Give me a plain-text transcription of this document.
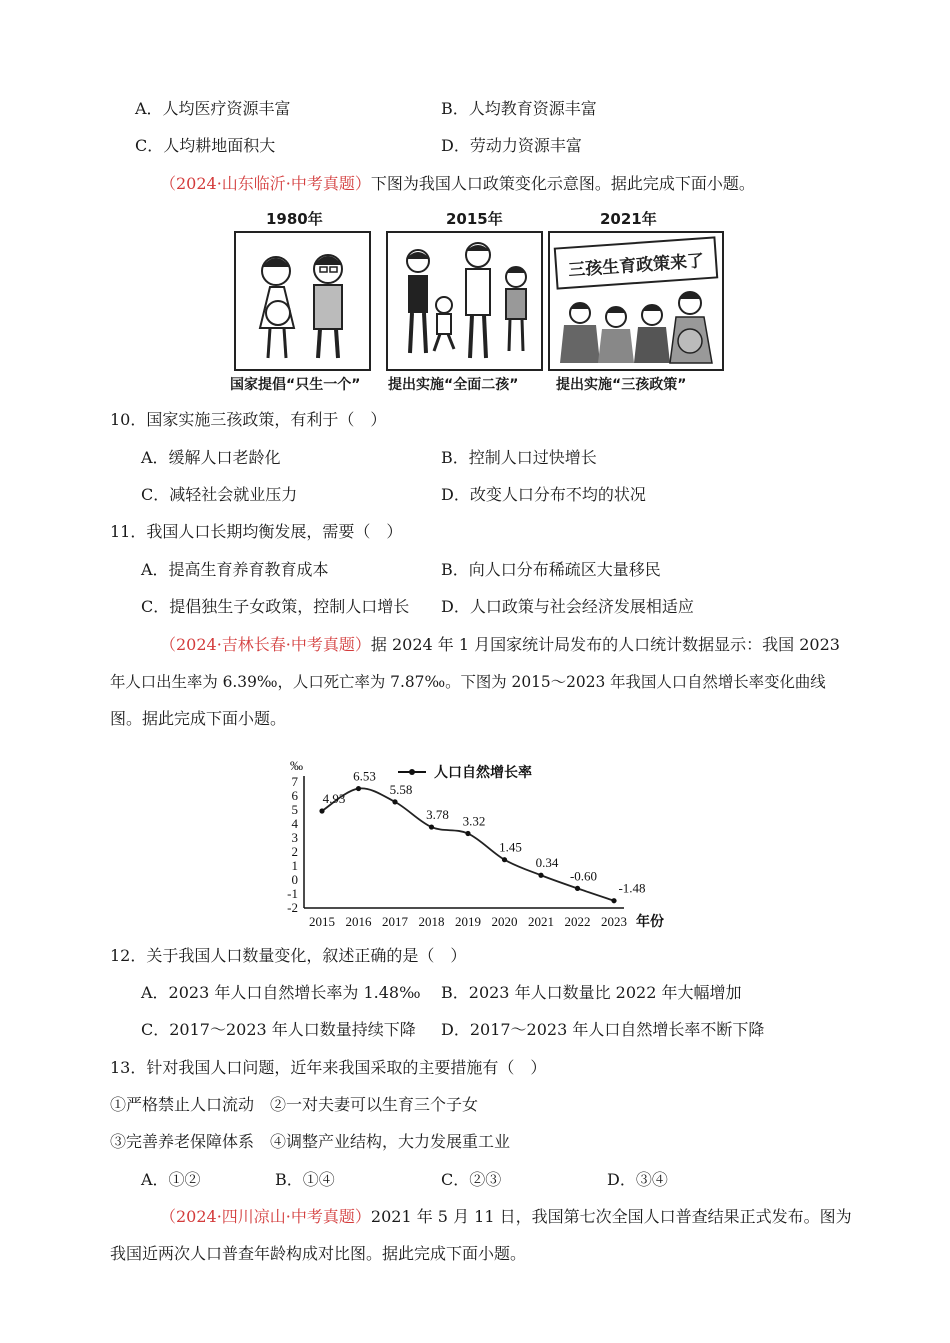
A．人均医疗资源丰富	B．人均教育资源丰富
C．人均耕地面积大	D．劳动力资源丰富
（2024·山东临沂·中考真题）下图为我国人口政策变化示意图。据此完成下面小题。
1980年	2015年	2021年
三孩生育政策来了
国家提倡“只生一个” 提出实施“全面二孩”	提出实施“三孩政策”
10．国家实施三孩政策，有利于（　）
A．缓解人口老龄化	B．控制人口过快增长
C．减轻社会就业压力	D．改变人口分布不均的状况
11．我国人口长期均衡发展，需要（　）
A．提高生育养育教育成本	B．向人口分布稀疏区大量移民
C．提倡独生子女政策，控制人口增长 D．人口政策与社会经济发展相适应
（2024·吉林长春·中考真题）据 2024 年 1 月国家统计局发布的人口统计数据显示：我国 2023
年人口出生率为 6.39‰，人口死亡率为 7.87‰。下图为 2015～2023 年我国人口自然增长率变化曲线
图。据此完成下面小题。
‰
7
6
5
4
3
2
1
0
-1
-2
2015 2016 2017 2018 2019 2020 2021 2022 2023 年份
人口自然增长率
4.93
6.53
5.58
3.78 3.32
1.45
0.34
-0.60
-1.48
12．关于我国人口数量变化，叙述正确的是（　）
A．2023 年人口自然增长率为 1.48‰ B．2023 年人口数量比 2022 年大幅增加
C．2017～2023 年人口数量持续下降 D．2017～2023 年人口自然增长率不断下降
13．针对我国人口问题，近年来我国采取的主要措施有（　）
①严格禁止人口流动　②一对夫妻可以生育三个子女
③完善养老保障体系　④调整产业结构，大力发展重工业
A．①②	B．①④	C．②③	D．③④
（2024·四川凉山·中考真题）2021 年 5 月 11 日，我国第七次全国人口普查结果正式发布。图为
我国近两次人口普查年龄构成对比图。据此完成下面小题。
